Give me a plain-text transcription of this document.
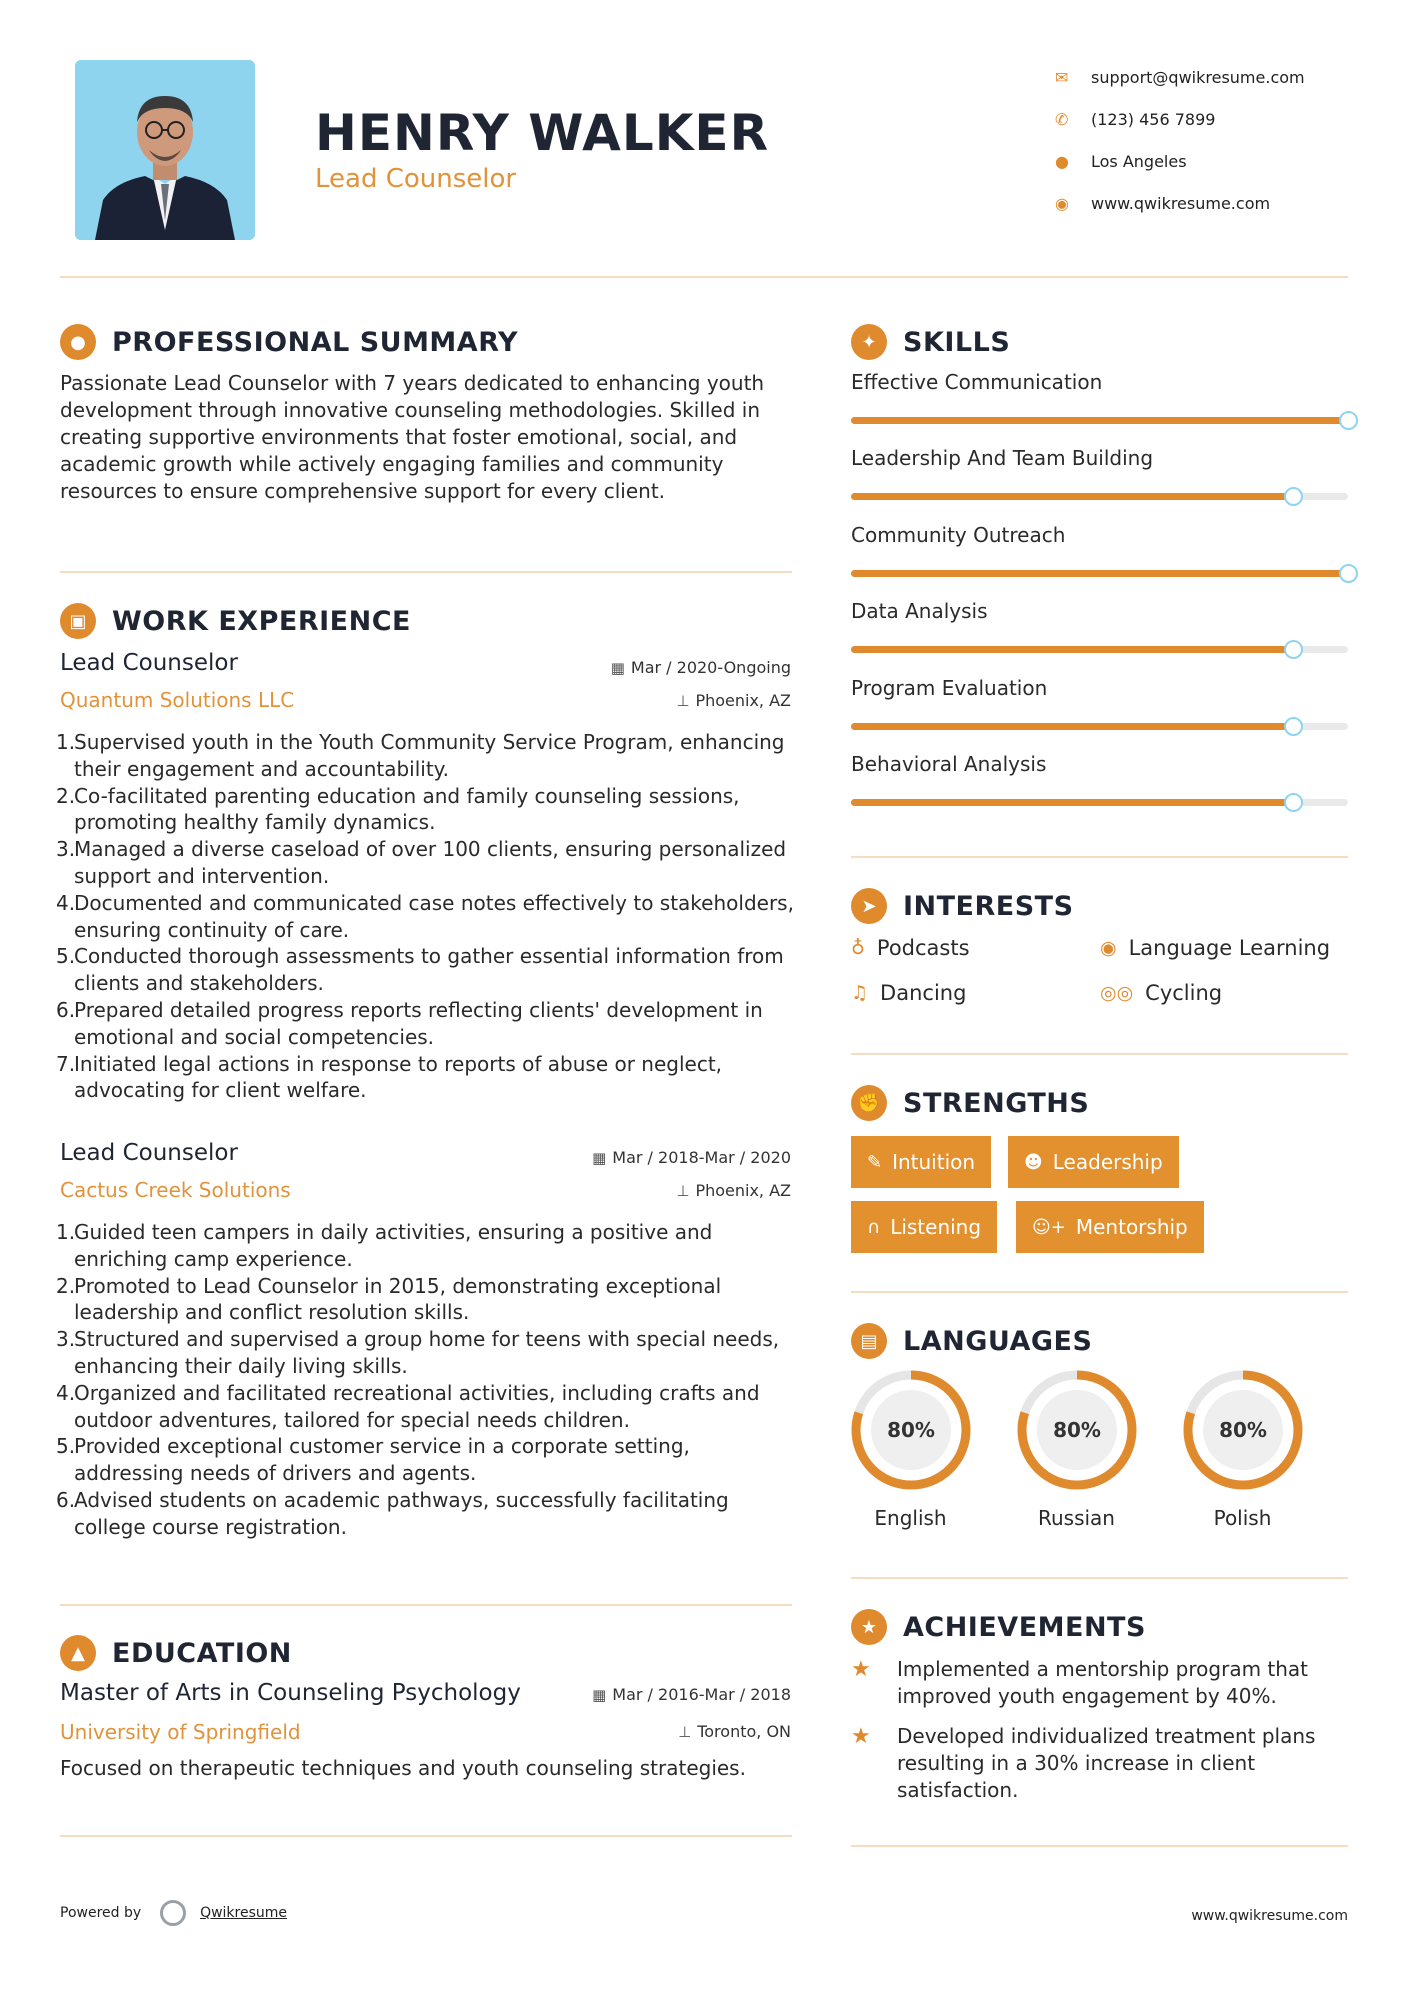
HENRY WALKER
Lead Counselor
✉	support@qwikresume.com
✆	(123) 456 7899
●	Los Angeles
◉	www.qwikresume.com
● PROFESSIONAL SUMMARY
Passionate Lead Counselor with 7 years dedicated to enhancing youth development through innovative counseling methodologies. Skilled in creating supportive environments that foster emotional, social, and academic growth while actively engaging families and community resources to ensure comprehensive support for every client.
▣ WORK EXPERIENCE
Lead Counselor	▦ Mar / 2020-Ongoing
Quantum Solutions LLC	⊥ Phoenix, AZ
1.
Supervised youth in the Youth Community Service Program, enhancing their engagement and accountability.
2.
Co-facilitated parenting education and family counseling sessions, promoting healthy family dynamics.
3.
Managed a diverse caseload of over 100 clients, ensuring personalized support and intervention.
4.
Documented and communicated case notes effectively to stakeholders, ensuring continuity of care.
5.
Conducted thorough assessments to gather essential information from clients and stakeholders.
6.
Prepared detailed progress reports reflecting clients' development in emotional and social competencies.
7.
Initiated legal actions in response to reports of abuse or neglect, advocating for client welfare.
Lead Counselor	▦ Mar / 2018-Mar / 2020
Cactus Creek Solutions	⊥ Phoenix, AZ
1.
Guided teen campers in daily activities, ensuring a positive and enriching camp experience.
2.
Promoted to Lead Counselor in 2015, demonstrating exceptional leadership and conflict resolution skills.
3.
Structured and supervised a group home for teens with special needs, enhancing their daily living skills.
4.
Organized and facilitated recreational activities, including crafts and outdoor adventures, tailored for special needs children.
5.
Provided exceptional customer service in a corporate setting, addressing needs of drivers and agents.
6.
Advised students on academic pathways, successfully facilitating college course registration.
▲	EDUCATION
Master of Arts in Counseling Psychology	▦ Mar / 2016-Mar / 2018
University of Springfield	⊥ Toronto, ON
Focused on therapeutic techniques and youth counseling strategies.
✦ SKILLS
Effective Communication
Leadership And Team Building
Community Outreach
Data Analysis
Program Evaluation
Behavioral Analysis
➤ INTERESTS
♁ Podcasts	◉ Language Learning
♫ Dancing	◎◎ Cycling
✊ STRENGTHS
✎ Intuition	☻ Leadership
∩ Listening	☺+ Mentorship
▤ LANGUAGES
80%
English
80%
Russian
80%
Polish
★ ACHIEVEMENTS
★	Implemented a mentorship program that improved youth engagement by 40%.
★	Developed individualized treatment plans resulting in a 30% increase in client satisfaction.
Powered by	Qwikresume	www.qwikresume.com
